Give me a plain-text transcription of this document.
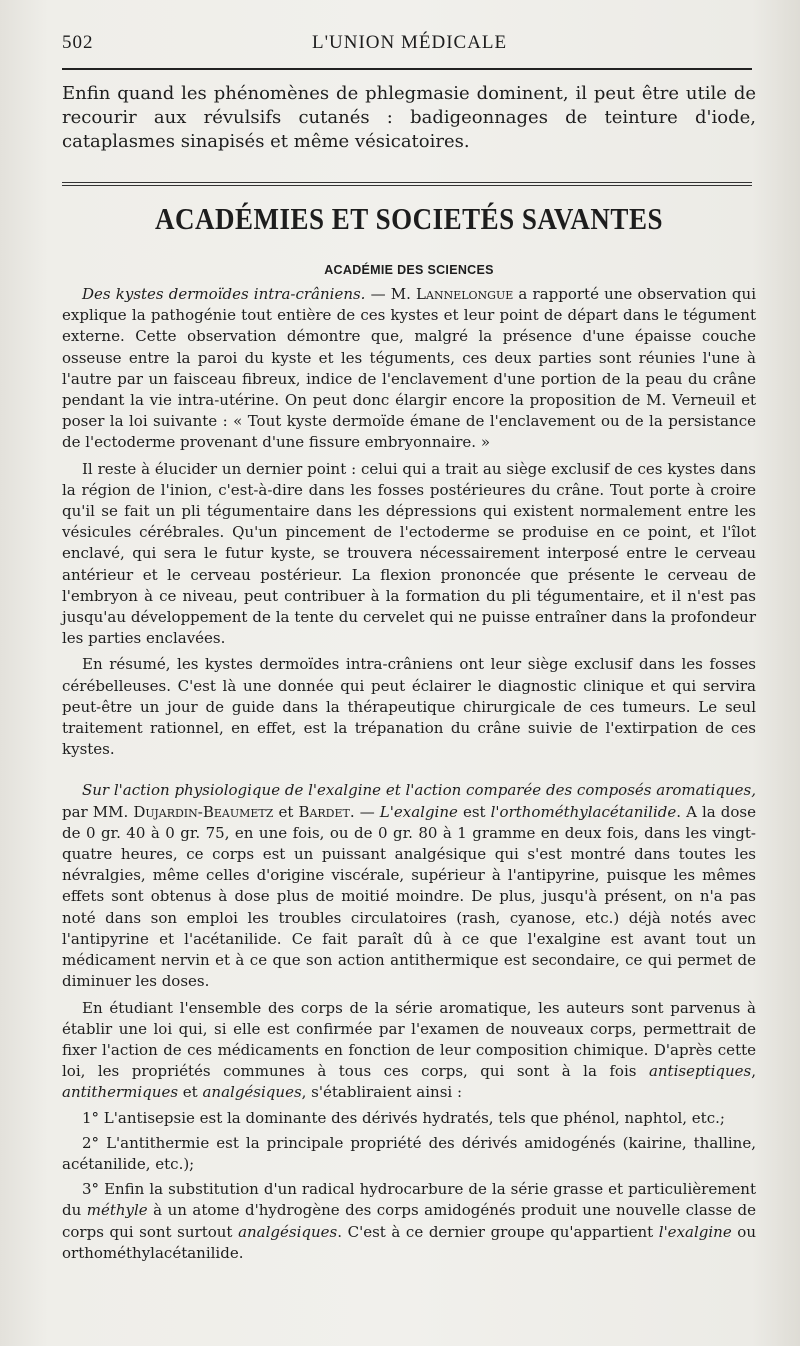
502	L'UNION MÉDICALE

Enfin quand les phénomènes de phlegmasie dominent, il peut être utile de recourir aux révulsifs cutanés : badigeonnages de teinture d'iode, cataplasmes sinapisés et même vésicatoires.

ACADÉMIES ET SOCIETÉS SAVANTES
ACADÉMIE DES SCIENCES

Des kystes dermoïdes intra-crâniens. — M. Lannelongue a rapporté une observation qui explique la pathogénie tout entière de ces kystes et leur point de départ dans le tégument externe. Cette observation démontre que, malgré la présence d'une épaisse couche osseuse entre la paroi du kyste et les téguments, ces deux parties sont réunies l'une à l'autre par un faisceau fibreux, indice de l'enclavement d'une portion de la peau du crâne pendant la vie intra-utérine. On peut donc élargir encore la proposition de M. Verneuil et poser la loi suivante : « Tout kyste dermoïde émane de l'enclavement ou de la persistance de l'ectoderme provenant d'une fissure embryonnaire. »

Il reste à élucider un dernier point : celui qui a trait au siège exclusif de ces kystes dans la région de l'inion, c'est-à-dire dans les fosses postérieures du crâne. Tout porte à croire qu'il se fait un pli tégumentaire dans les dépressions qui existent normalement entre les vésicules cérébrales. Qu'un pincement de l'ectoderme se produise en ce point, et l'îlot enclavé, qui sera le futur kyste, se trouvera nécessairement interposé entre le cerveau antérieur et le cerveau postérieur. La flexion prononcée que présente le cerveau de l'embryon à ce niveau, peut contribuer à la formation du pli tégumentaire, et il n'est pas jusqu'au développement de la tente du cervelet qui ne puisse entraîner dans la profondeur les parties enclavées.

En résumé, les kystes dermoïdes intra-crâniens ont leur siège exclusif dans les fosses cérébelleuses. C'est là une donnée qui peut éclairer le diagnostic clinique et qui servira peut-être un jour de guide dans la thérapeutique chirurgicale de ces tumeurs. Le seul traitement rationnel, en effet, est la trépanation du crâne suivie de l'extirpation de ces kystes.

Sur l'action physiologique de l'exalgine et l'action comparée des composés aromatiques, par MM. Dujardin-Beaumetz et Bardet. — L'exalgine est l'orthométhylacétanilide. A la dose de 0 gr. 40 à 0 gr. 75, en une fois, ou de 0 gr. 80 à 1 gramme en deux fois, dans les vingt-quatre heures, ce corps est un puissant analgésique qui s'est montré dans toutes les névralgies, même celles d'origine viscérale, supérieur à l'antipyrine, puisque les mêmes effets sont obtenus à dose plus de moitié moindre. De plus, jusqu'à présent, on n'a pas noté dans son emploi les troubles circulatoires (rash, cyanose, etc.) déjà notés avec l'antipyrine et l'acétanilide. Ce fait paraît dû à ce que l'exalgine est avant tout un médicament nervin et à ce que son action antithermique est secondaire, ce qui permet de diminuer les doses.

En étudiant l'ensemble des corps de la série aromatique, les auteurs sont parvenus à établir une loi qui, si elle est confirmée par l'examen de nouveaux corps, permettrait de fixer l'action de ces médicaments en fonction de leur composition chimique. D'après cette loi, les propriétés communes à tous ces corps, qui sont à la fois antiseptiques, antithermiques et analgésiques, s'établiraient ainsi :

1° L'antisepsie est la dominante des dérivés hydratés, tels que phénol, naphtol, etc.;

2° L'antithermie est la principale propriété des dérivés amidogénés (kairine, thalline, acétanilide, etc.);

3° Enfin la substitution d'un radical hydrocarbure de la série grasse et particulièrement du méthyle à un atome d'hydrogène des corps amidogénés produit une nouvelle classe de corps qui sont surtout analgésiques. C'est à ce dernier groupe qu'appartient l'exalgine ou orthométhylacétanilide.
